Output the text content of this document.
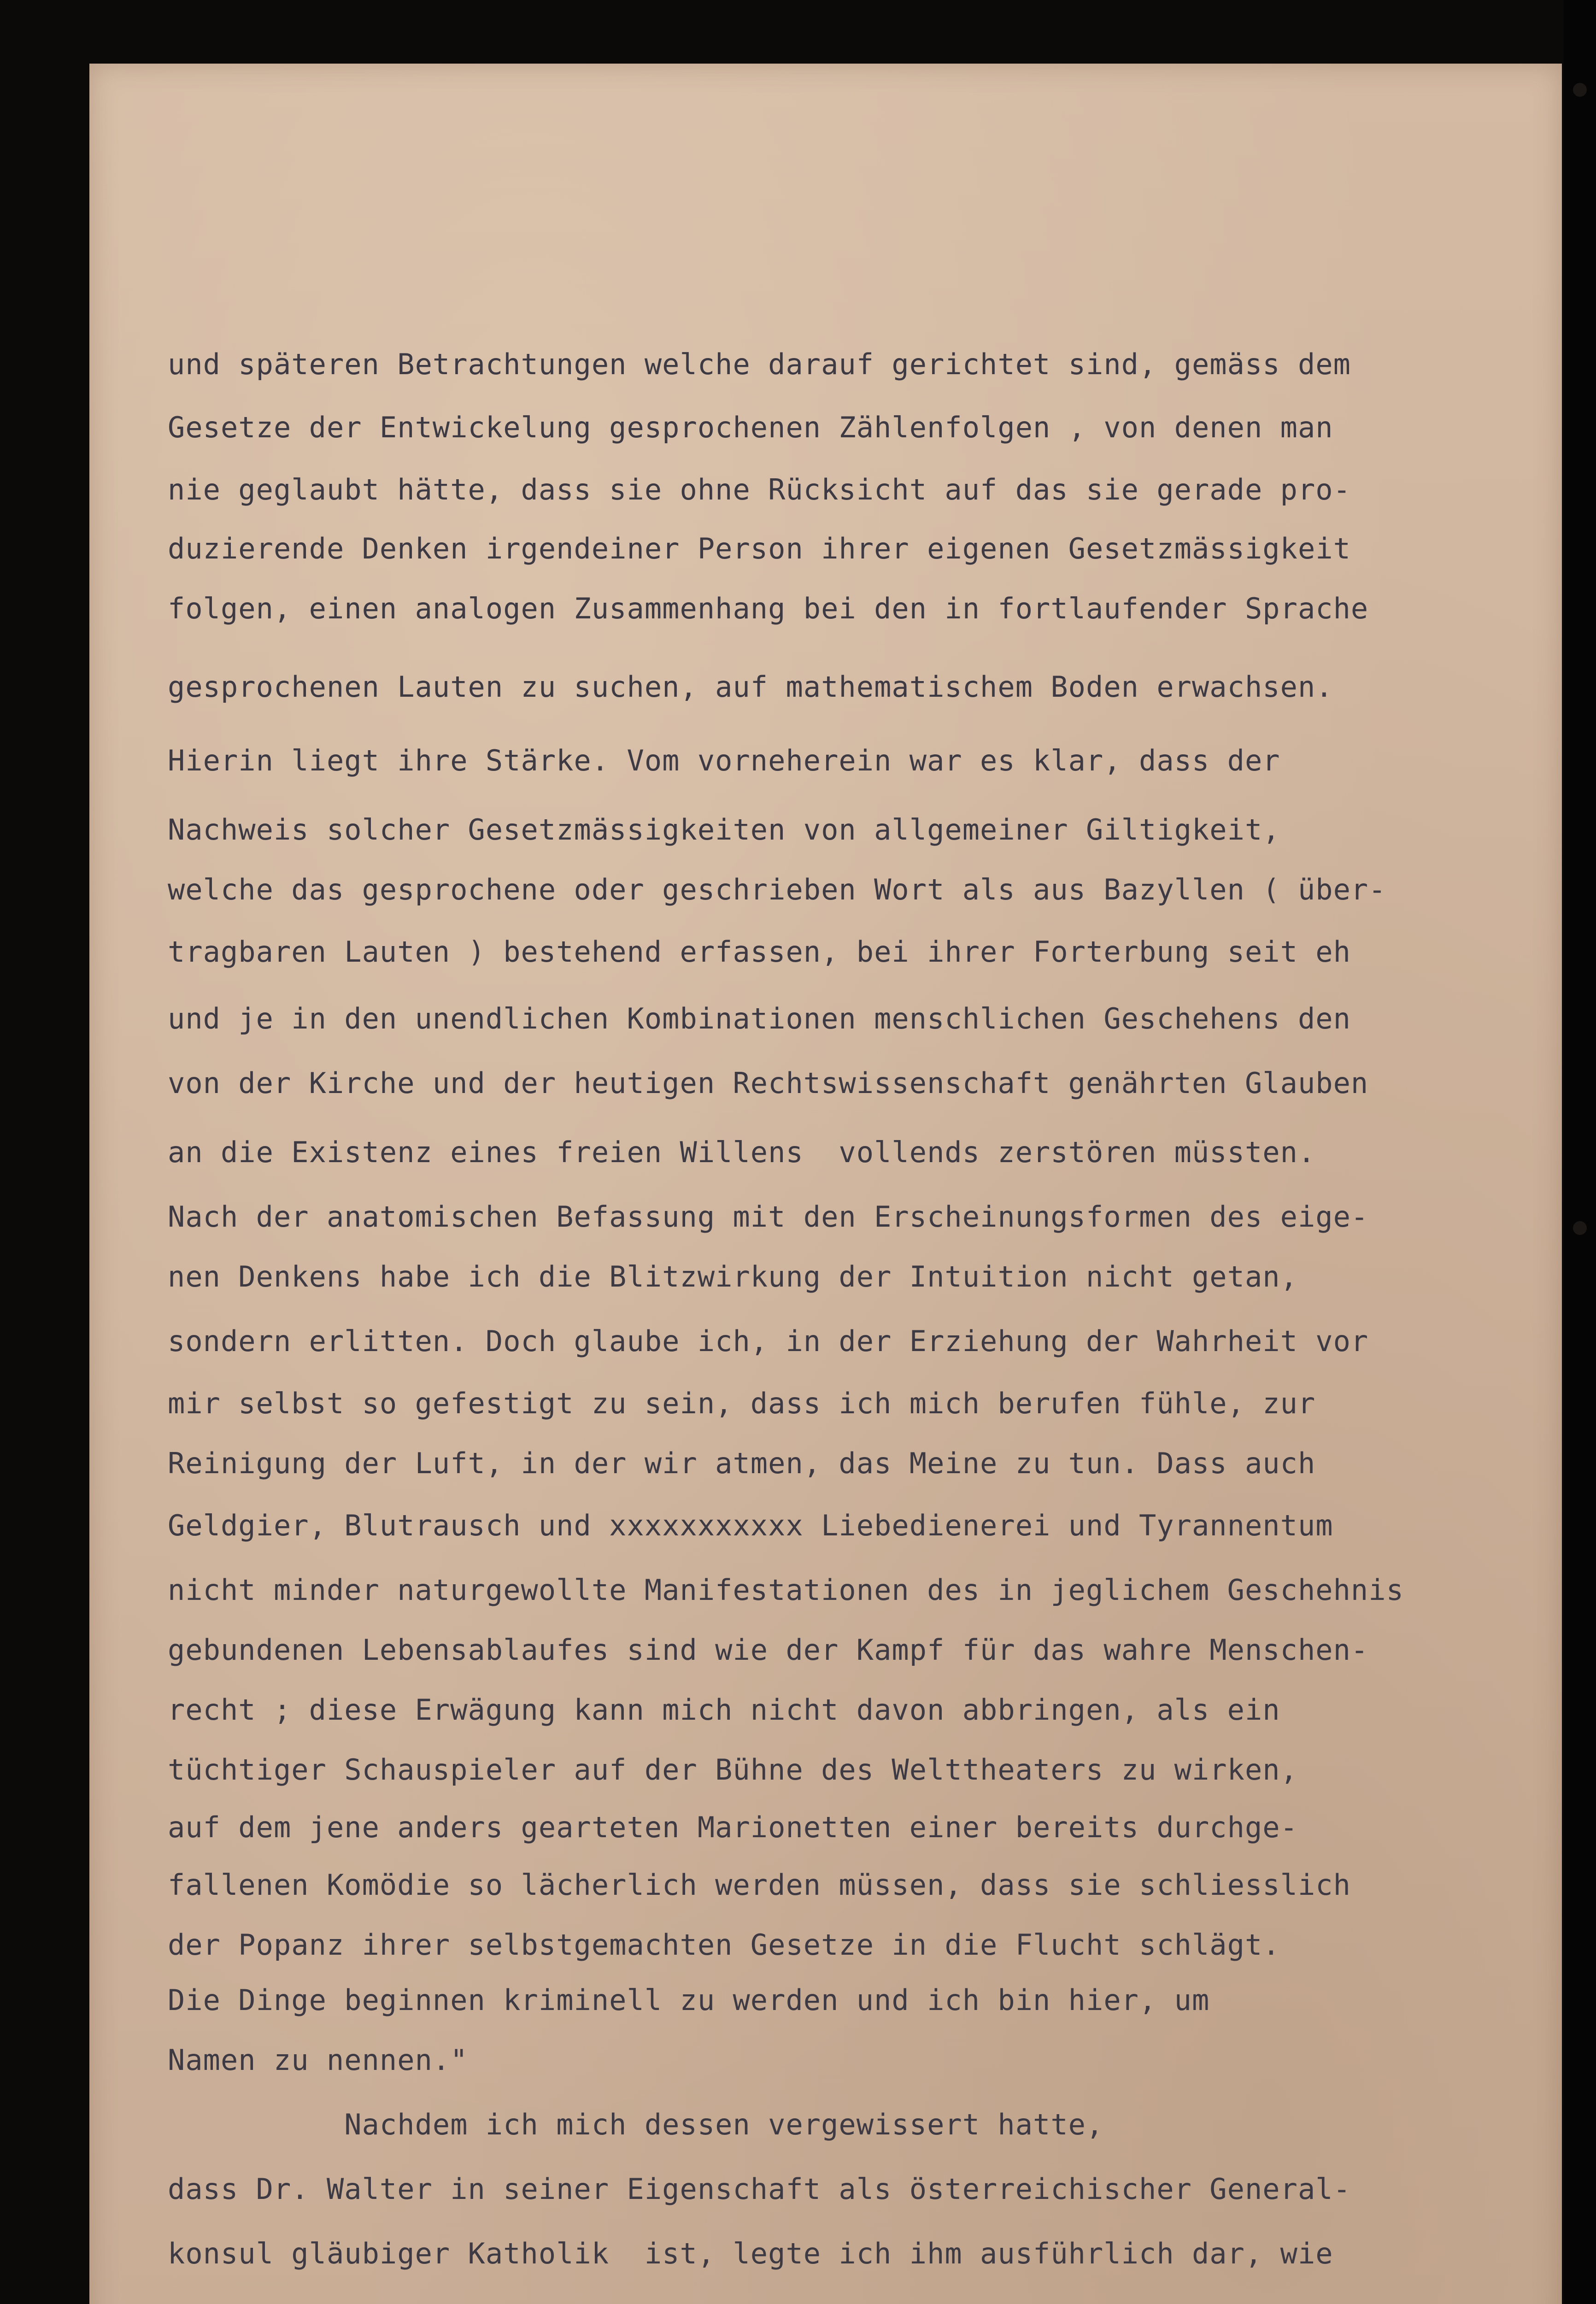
und späteren Betrachtungen welche darauf gerichtet sind, gemäss dem
Gesetze der Entwickelung gesprochenen Zählenfolgen , von denen man
nie geglaubt hätte, dass sie ohne Rücksicht auf das sie gerade pro-
duzierende Denken irgendeiner Person ihrer eigenen Gesetzmässigkeit
folgen, einen analogen Zusammenhang bei den in fortlaufender Sprache
gesprochenen Lauten zu suchen, auf mathematischem Boden erwachsen.
Hierin liegt ihre Stärke. Vom vorneherein war es klar, dass der
Nachweis solcher Gesetzmässigkeiten von allgemeiner Giltigkeit,
welche das gesprochene oder geschrieben Wort als aus Bazyllen ( über-
tragbaren Lauten ) bestehend erfassen, bei ihrer Forterbung seit eh
und je in den unendlichen Kombinationen menschlichen Geschehens den
von der Kirche und der heutigen Rechtswissenschaft genährten Glauben
an die Existenz eines freien Willens  vollends zerstören müssten.
Nach der anatomischen Befassung mit den Erscheinungsformen des eige-
nen Denkens habe ich die Blitzwirkung der Intuition nicht getan,
sondern erlitten. Doch glaube ich, in der Erziehung der Wahrheit vor
mir selbst so gefestigt zu sein, dass ich mich berufen fühle, zur
Reinigung der Luft, in der wir atmen, das Meine zu tun. Dass auch
Geldgier, Blutrausch und xxxxxxxxxxx Liebedienerei und Tyrannentum
nicht minder naturgewollte Manifestationen des in jeglichem Geschehnis
gebundenen Lebensablaufes sind wie der Kampf für das wahre Menschen-
recht ; diese Erwägung kann mich nicht davon abbringen, als ein
tüchtiger Schauspieler auf der Bühne des Welttheaters zu wirken,
auf dem jene anders gearteten Marionetten einer bereits durchge-
fallenen Komödie so lächerlich werden müssen, dass sie schliesslich
der Popanz ihrer selbstgemachten Gesetze in die Flucht schlägt.
Die Dinge beginnen kriminell zu werden und ich bin hier, um
Namen zu nennen."
Nachdem ich mich dessen vergewissert hatte,
dass Dr. Walter in seiner Eigenschaft als österreichischer General-
konsul gläubiger Katholik  ist, legte ich ihm ausführlich dar, wie
